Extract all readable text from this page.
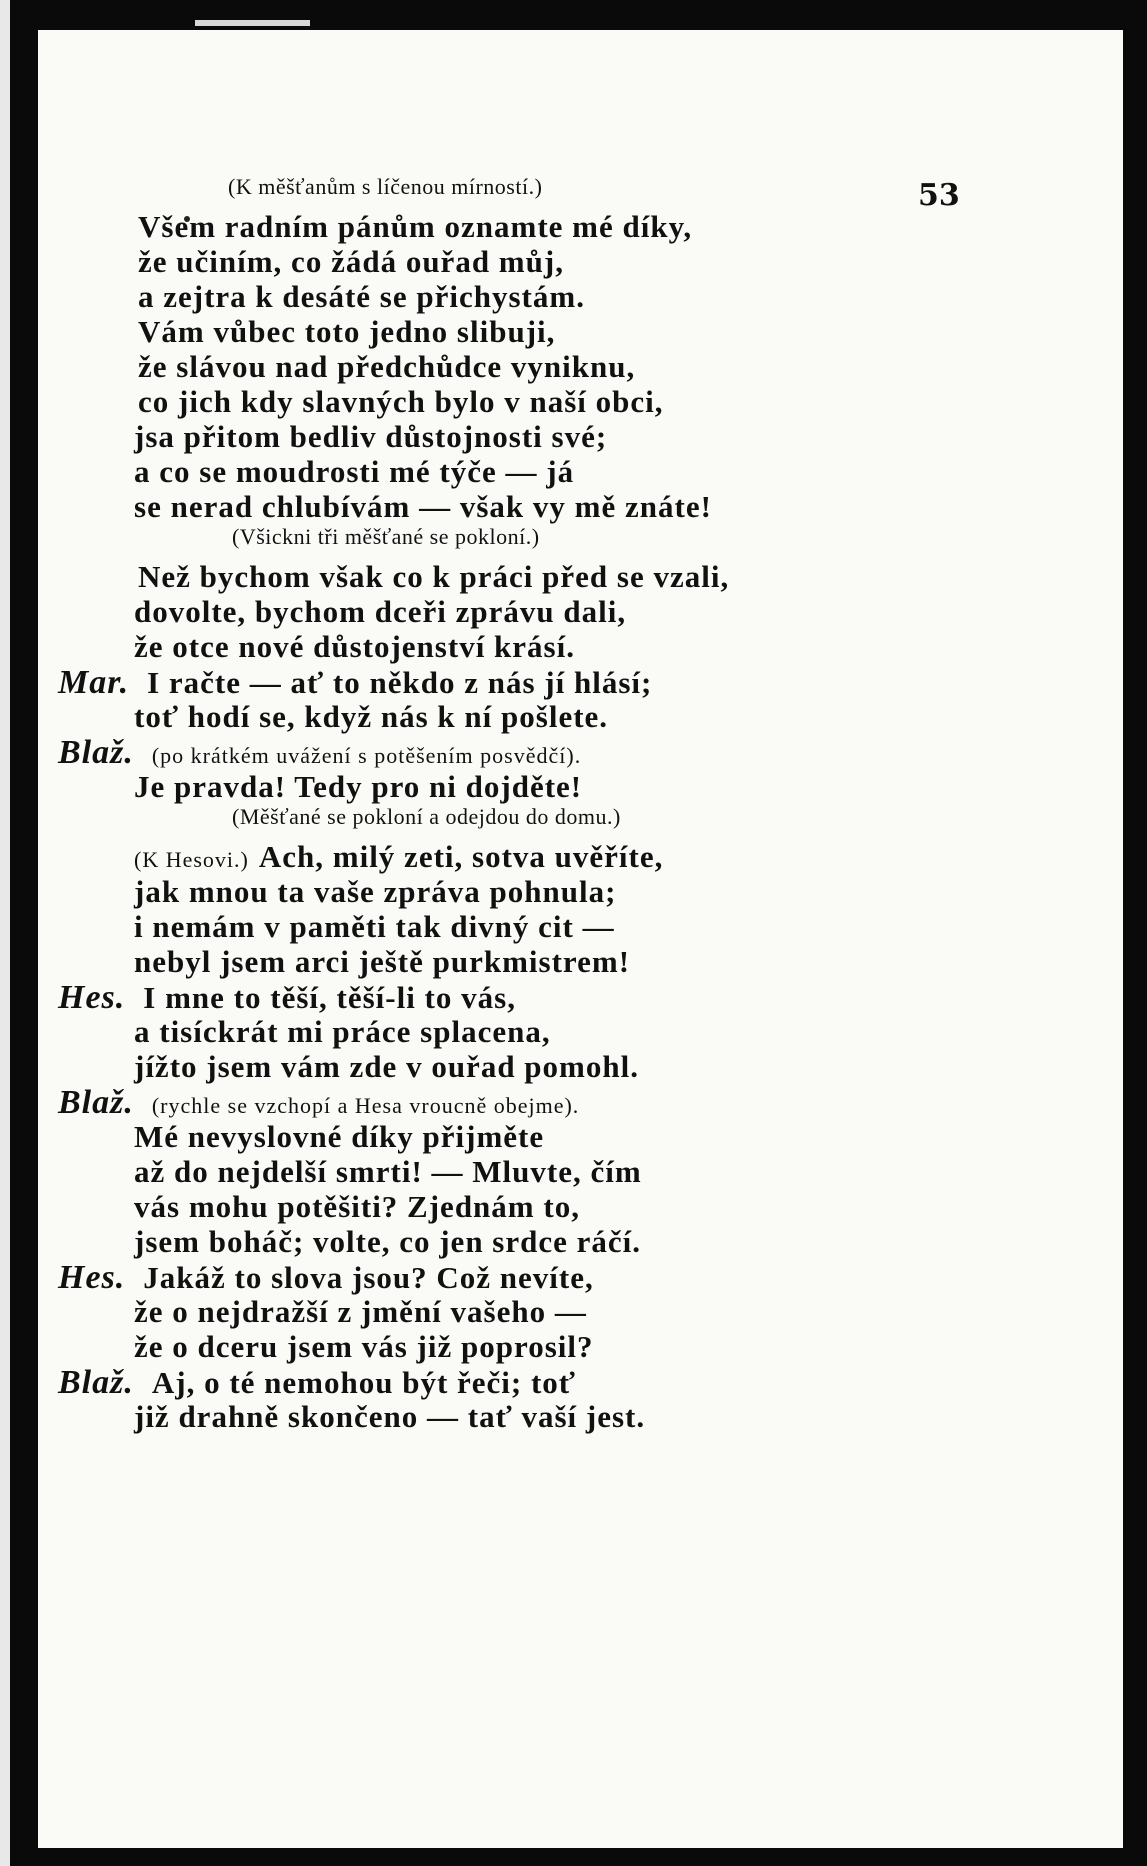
53
(K měšťanům s líčenou mírností.)
Všem radním pánům oznamte mé díky,
že učiním, co žádá ouřad můj,
a zejtra k desáté se přichystám.
Vám vůbec toto jedno slibuji,
že slávou nad předchůdce vyniknu,
co jich kdy slavných bylo v naší obci,
jsa přitom bedliv důstojnosti své;
a co se moudrosti mé týče — já
se nerad chlubívám — však vy mě znáte!
(Všickni tři měšťané se pokloní.)
Než bychom však co k práci před se vzali,
dovolte, bychom dceři zprávu dali,
že otce nové důstojenství krásí.
Mar. I račte — ať to někdo z nás jí hlásí;
toť hodí se, když nás k ní pošlete.
Blaž. (po krátkém uvážení s potěšením posvědčí).
Je pravda! Tedy pro ni dojděte!
(Měšťané se pokloní a odejdou do domu.)
(K Hesovi.) Ach, milý zeti, sotva uvěříte,
jak mnou ta vaše zpráva pohnula;
i nemám v paměti tak divný cit —
nebyl jsem arci ještě purkmistrem!
Hes. I mne to těší, těší-li to vás,
a tisíckrát mi práce splacena,
jížto jsem vám zde v ouřad pomohl.
Blaž. (rychle se vzchopí a Hesa vroucně obejme).
Mé nevyslovné díky přijměte
až do nejdelší smrti! — Mluvte, čím
vás mohu potěšiti? Zjednám to,
jsem boháč; volte, co jen srdce ráčí.
Hes. Jakáž to slova jsou? Což nevíte,
že o nejdražší z jmění vašeho —
že o dceru jsem vás již poprosil?
Blaž. Aj, o té nemohou být řeči; toť
již drahně skončeno — tať vaší jest.
